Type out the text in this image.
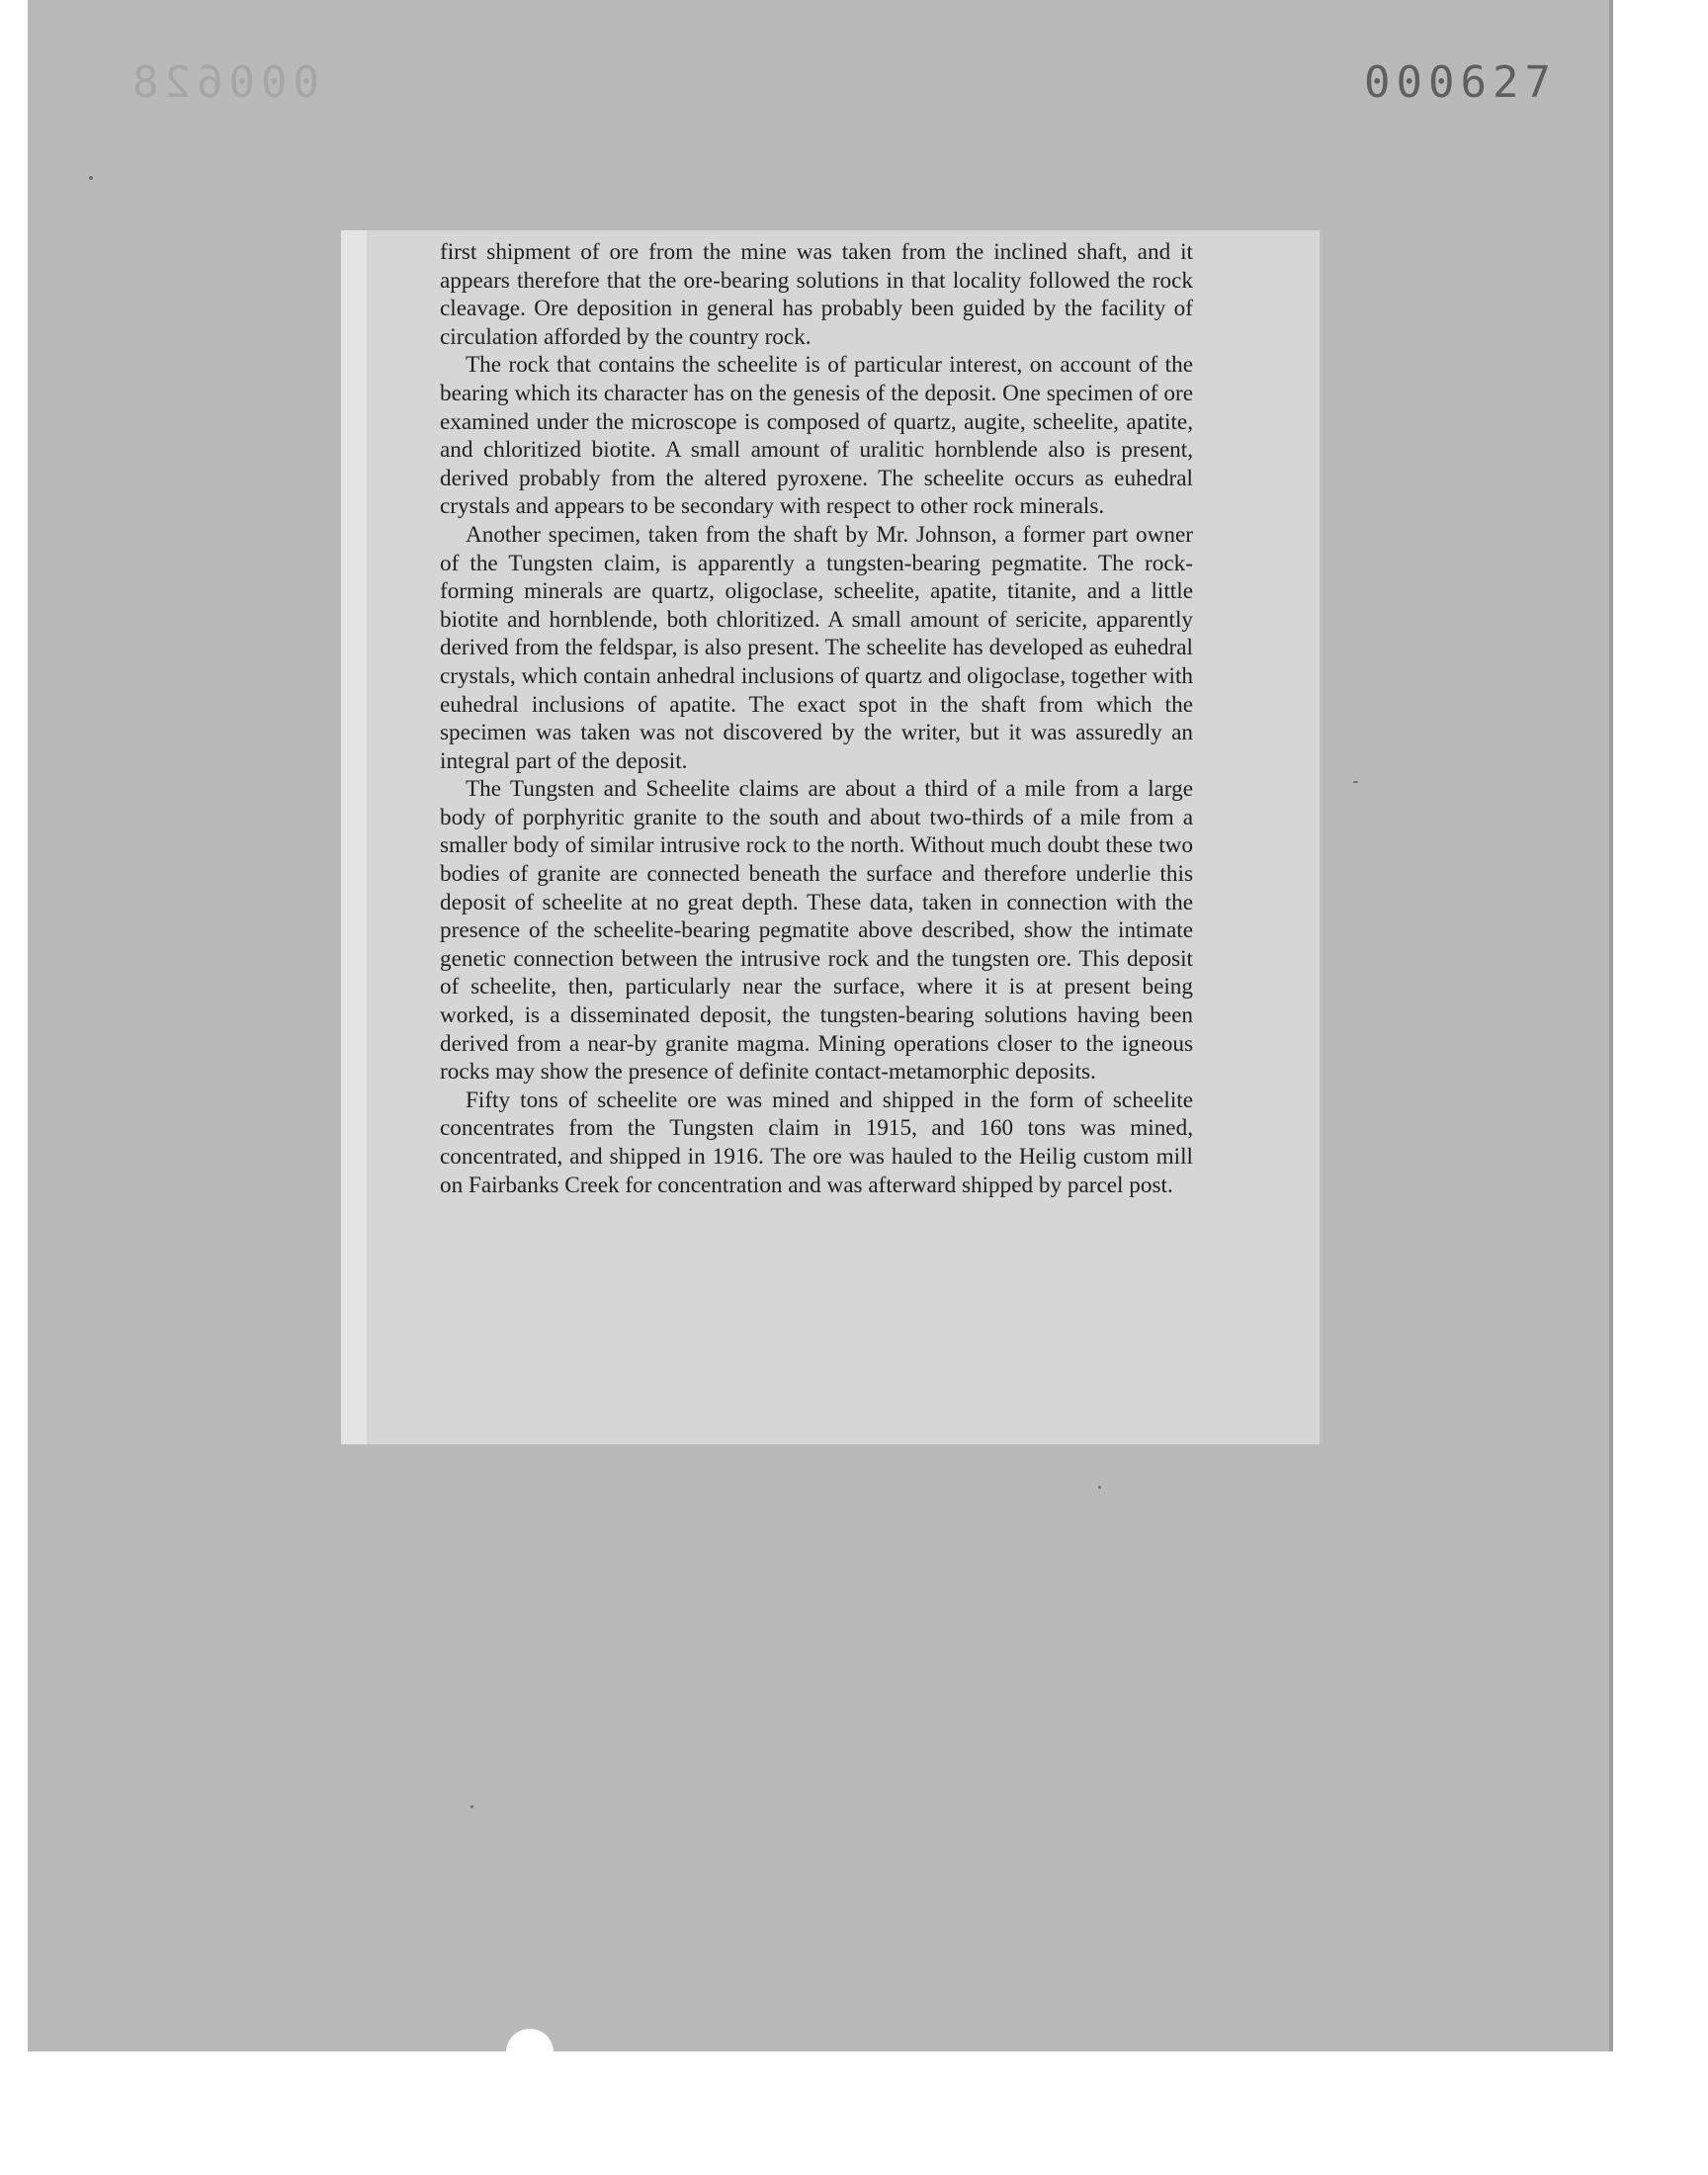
000628	000627

first shipment of ore from the mine was taken from the inclined shaft, and it appears therefore that the ore-bearing solutions in that locality followed the rock cleavage. Ore deposition in general has probably been guided by the facility of circulation afforded by the country rock.

The rock that contains the scheelite is of particular interest, on account of the bearing which its character has on the genesis of the deposit. One specimen of ore examined under the microscope is composed of quartz, augite, scheelite, apatite, and chloritized biotite. A small amount of uralitic hornblende also is present, derived probably from the altered pyroxene. The scheelite occurs as euhedral crystals and appears to be secondary with respect to other rock minerals.

Another specimen, taken from the shaft by Mr. Johnson, a former part owner of the Tungsten claim, is apparently a tungsten-bearing pegmatite. The rock-forming minerals are quartz, oligoclase, scheelite, apatite, titanite, and a little biotite and hornblende, both chloritized. A small amount of sericite, apparently derived from the feldspar, is also present. The scheelite has developed as euhedral crystals, which contain anhedral inclusions of quartz and oligoclase, together with euhedral inclusions of apatite. The exact spot in the shaft from which the specimen was taken was not discovered by the writer, but it was assuredly an integral part of the deposit.

The Tungsten and Scheelite claims are about a third of a mile from a large body of porphyritic granite to the south and about two-thirds of a mile from a smaller body of similar intrusive rock to the north. Without much doubt these two bodies of granite are connected beneath the surface and therefore underlie this deposit of scheelite at no great depth. These data, taken in connection with the presence of the scheelite-bearing pegmatite above described, show the intimate genetic connection between the intrusive rock and the tungsten ore. This deposit of scheelite, then, particularly near the surface, where it is at present being worked, is a disseminated deposit, the tungsten-bearing solutions having been derived from a near-by granite magma. Mining operations closer to the igneous rocks may show the presence of definite contact-metamorphic deposits.

Fifty tons of scheelite ore was mined and shipped in the form of scheelite concentrates from the Tungsten claim in 1915, and 160 tons was mined, concentrated, and shipped in 1916. The ore was hauled to the Heilig custom mill on Fairbanks Creek for concentration and was afterward shipped by parcel post.
